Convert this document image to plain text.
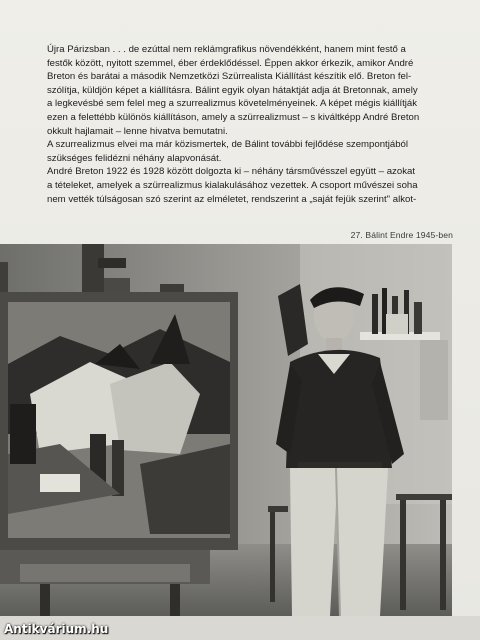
Újra Párizsban . . . de ezúttal nem reklámgrafikus növendékként, hanem mint festő a
festők között, nyitott szemmel, éber érdeklődéssel. Éppen akkor érkezik, amikor André
Breton és barátai a második Nemzetközi Szürrealista Kiállítást készítik elő. Breton fel-
szólítja, küldjön képet a kiállításra. Bálint egyik olyan hátaktját adja át Bretonnak, amely
a legkevésbé sem felel meg a szurrealizmus követelményeinek. A képet mégis kiállítják
ezen a felettébb különös kiállításon, amely a szürrealizmust – s kiváltképp André Breton
okkult hajlamait – lenne hivatva bemutatni.
A szurrealizmus elvei ma már közismertek, de Bálint további fejlődése szempontjából
szükséges felidézni néhány alapvonását.
André Breton 1922 és 1928 között dolgozta ki – néhány társművésszel együtt – azokat
a tételeket, amelyek a szürrealizmus kialakulásához vezettek. A csoport művészei soha
nem vették túlságosan szó szerint az elméletet, rendszerint a „saját fejük szerint" alkot-
27. Bálint Endre 1945-ben
Antikvárium.hu
